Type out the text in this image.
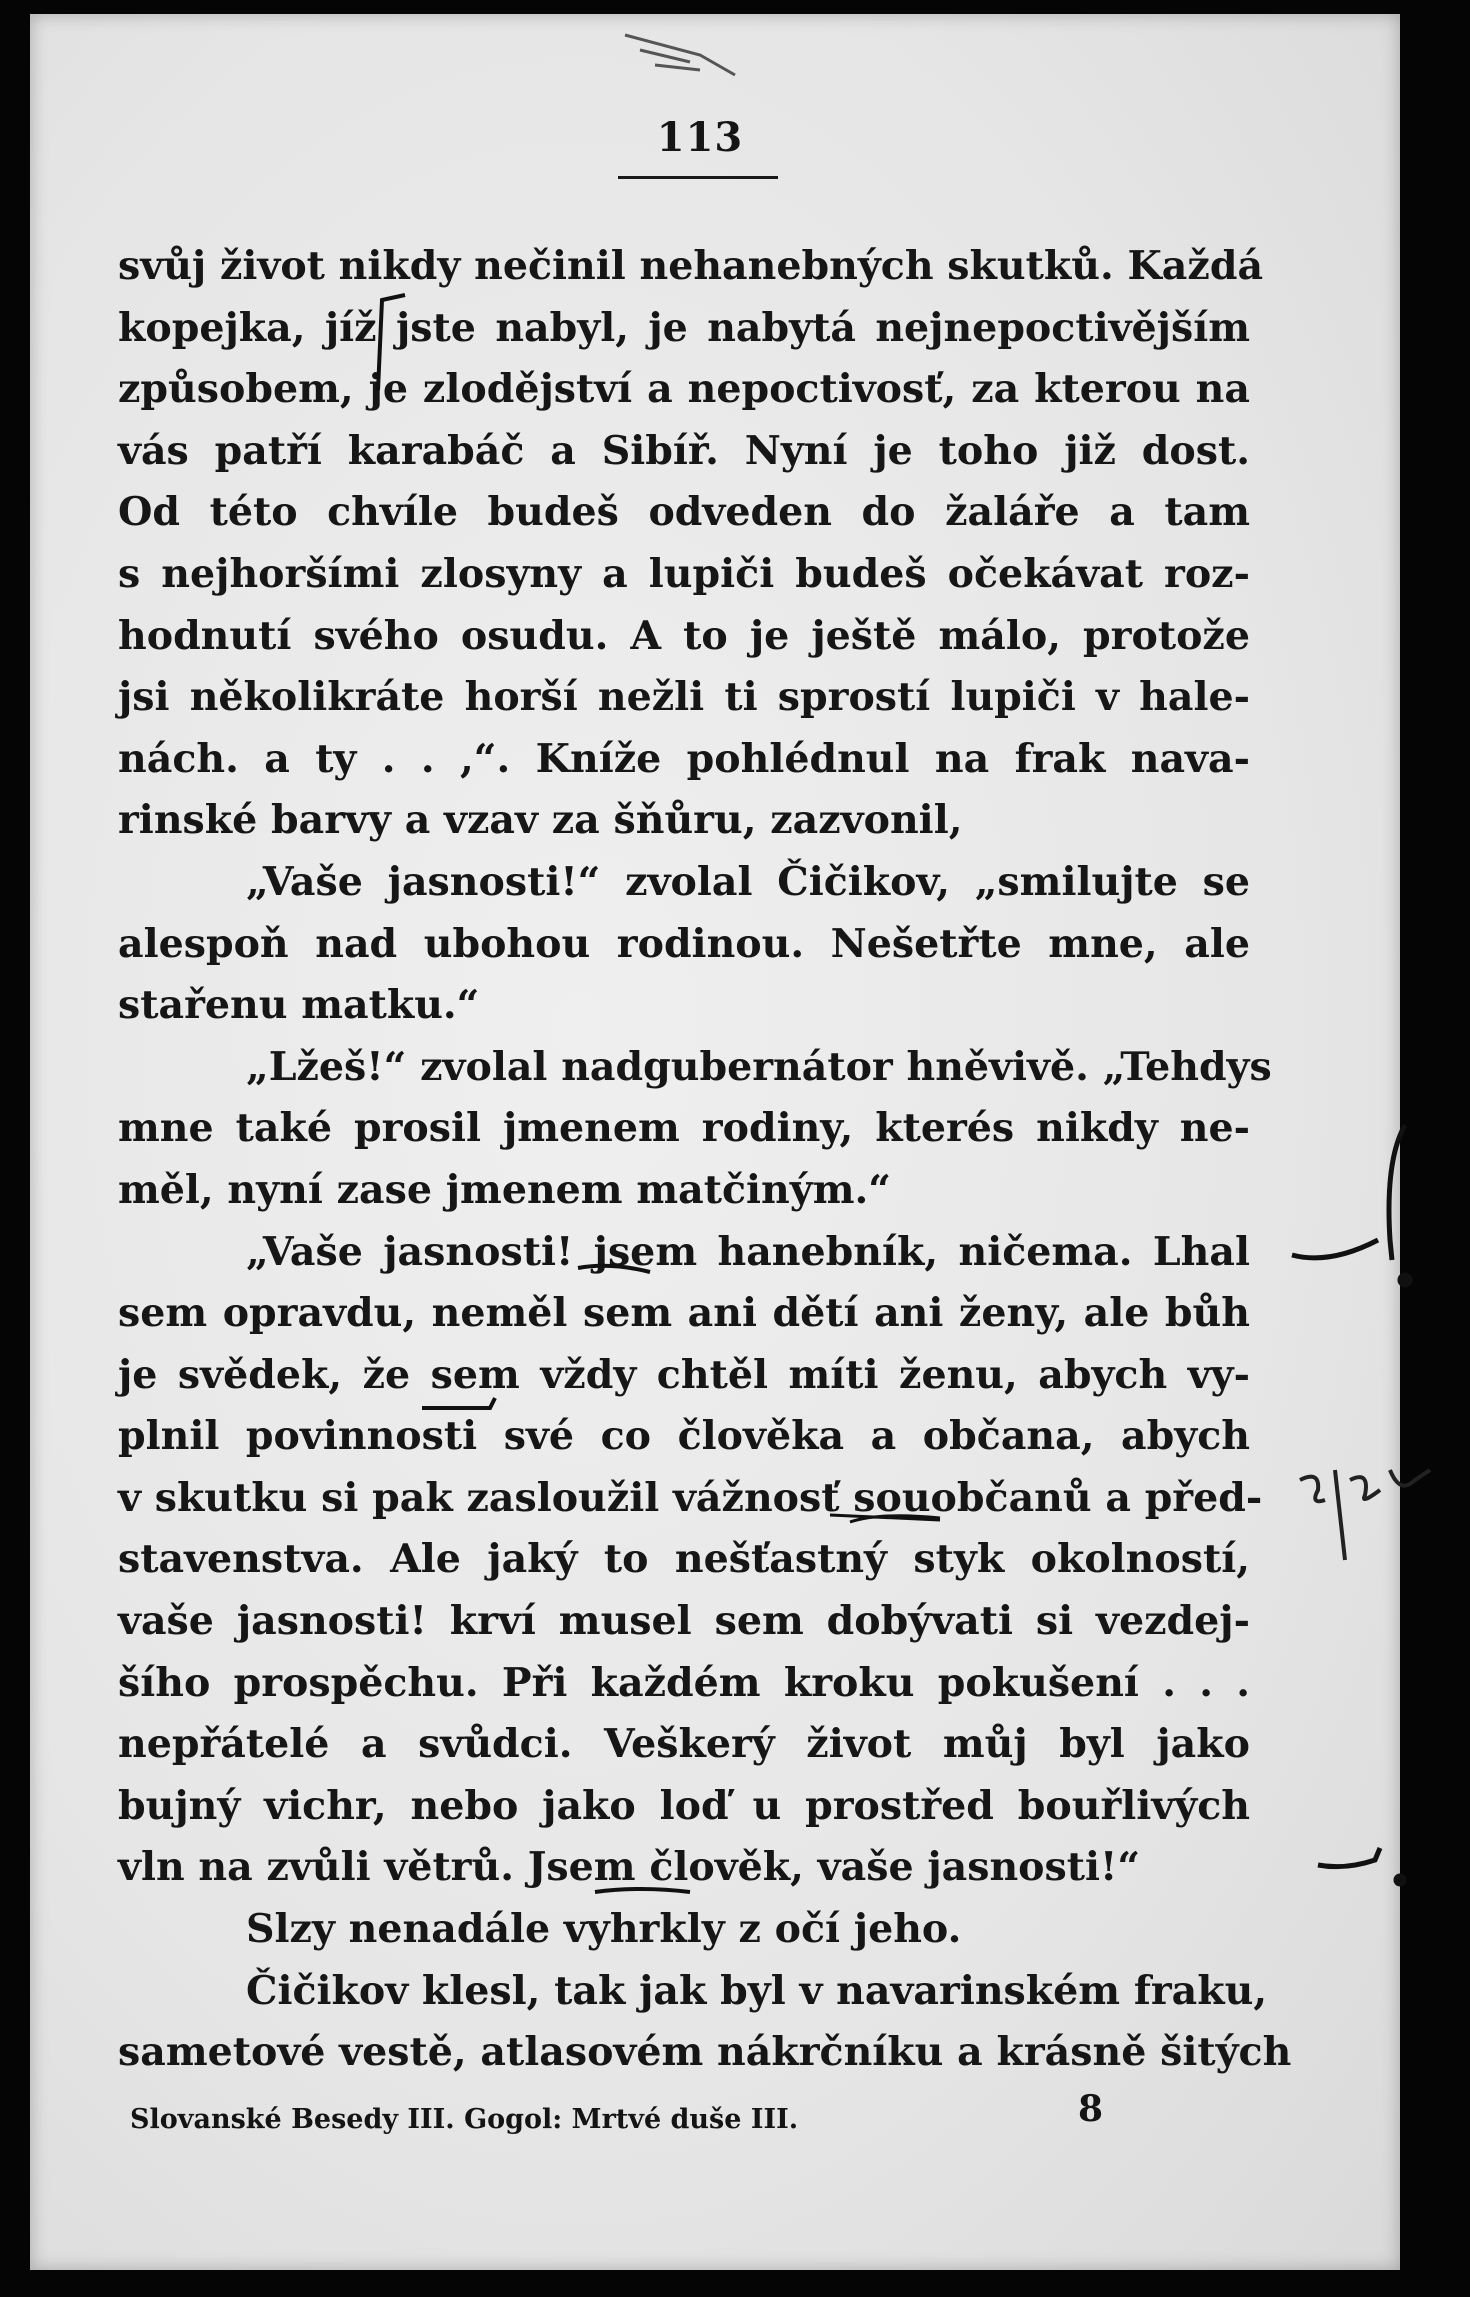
113
svůj život nikdy nečinil nehanebných skutků. Každá
kopejka, jíž jste nabyl, je nabytá nejnepoctivějším
způsobem, je zlodějství a nepoctivosť, za kterou na
vás patří karabáč a Sibíř. Nyní je toho již dost.
Od této chvíle budeš odveden do žaláře a tam
s nejhoršími zlosyny a lupiči budeš očekávat roz-
hodnutí svého osudu. A to je ještě málo, protože
jsi několikráte horší nežli ti sprostí lupiči v hale-
nách. a ty . . ,“. Kníže pohlédnul na frak nava-
rinské barvy a vzav za šňůru, zazvonil,
„Vaše jasnosti!“ zvolal Čičikov, „smilujte se
alespoň nad ubohou rodinou. Nešetřte mne, ale
stařenu matku.“
„Lžeš!“ zvolal nadgubernátor hněvivě. „Tehdys
mne také prosil jmenem rodiny, kterés nikdy ne-
měl, nyní zase jmenem matčiným.“
„Vaše jasnosti! jsem hanebník, ničema. Lhal
sem opravdu, neměl sem ani dětí ani ženy, ale bůh
je svědek, že sem vždy chtěl míti ženu, abych vy-
plnil povinnosti své co člověka a občana, abych
v skutku si pak zasloužil vážnosť souobčanů a před-
stavenstva. Ale jaký to nešťastný styk okolností,
vaše jasnosti! krví musel sem dobývati si vezdej-
šího prospěchu. Při každém kroku pokušení . . .
nepřátelé a svůdci. Veškerý život můj byl jako
bujný vichr, nebo jako loď u prostřed bouřlivých
vln na zvůli větrů. Jsem člověk, vaše jasnosti!“
Slzy nenadále vyhrkly z očí jeho.
Čičikov klesl, tak jak byl v navarinském fraku,
sametové vestě, atlasovém nákrčníku a krásně šitých
Slovanské Besedy III. Gogol: Mrtvé duše III.	8
